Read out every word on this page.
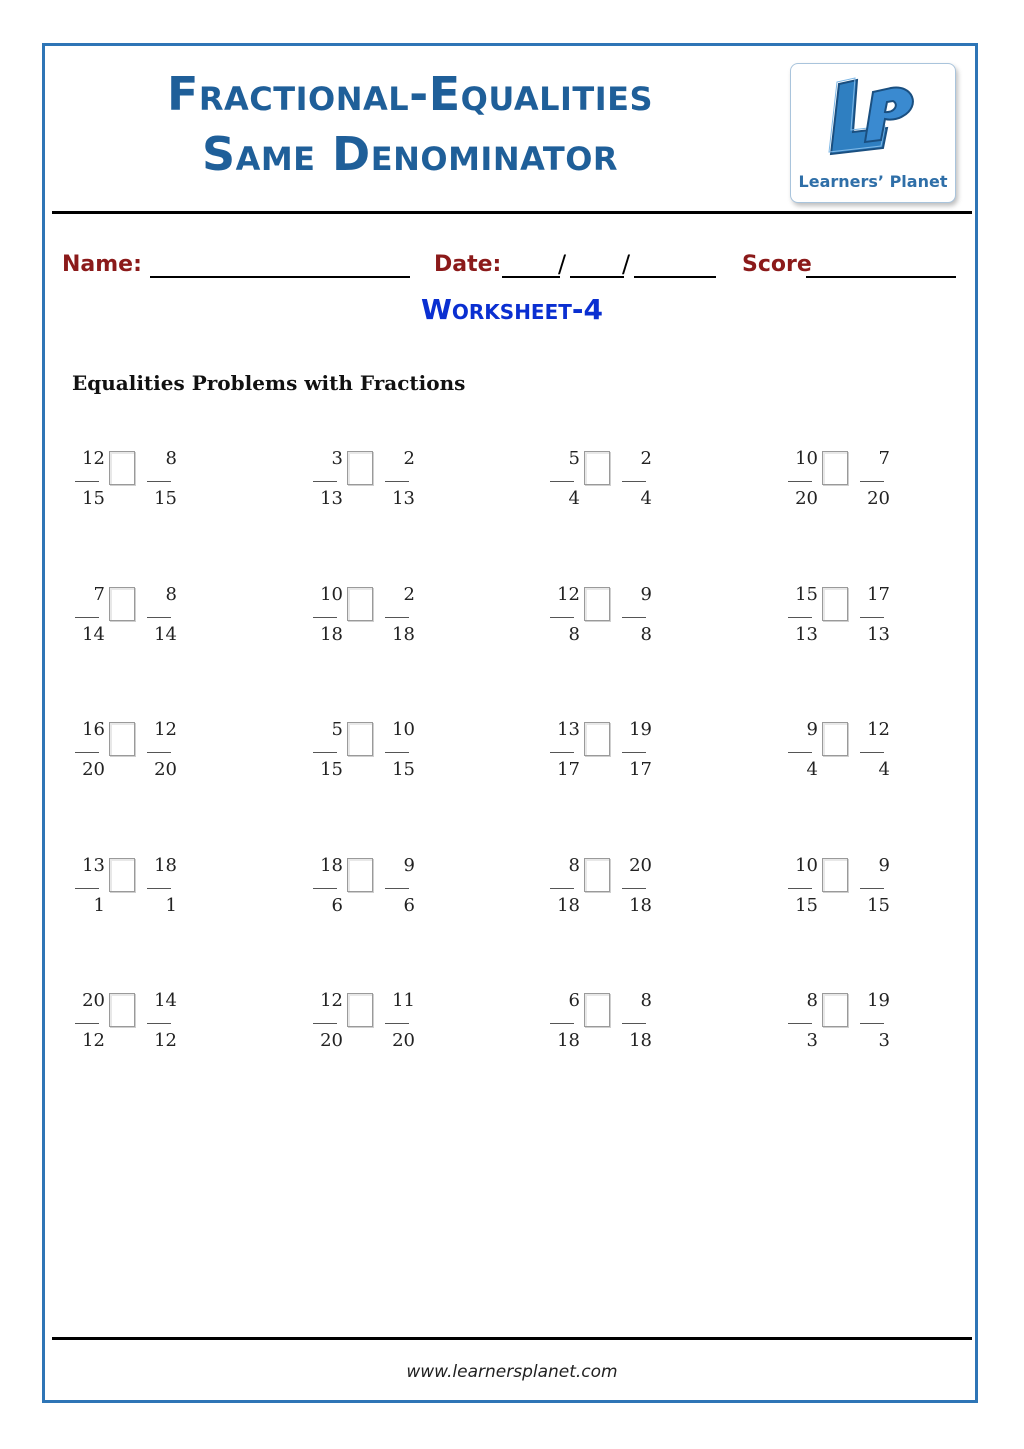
Fractional-Equalities
Same Denominator
Learners’ Planet
Name:	Date: / /	Score
Worksheet-4
Equalities Problems with Fractions
12
15
8
15
3
13
2
13
5
4
2
4
10
20
7
20
7
14
8
14
10
18
2
18
12
8
9
8
15
13
17
13
16
20
12
20
5
15
10
15
13
17
19
17
9
4
12
4
13
1
18
1
18
6
9
6
8
18
20
18
10
15
9
15
20
12
14
12
12
20
11
20
6
18
8
18
8
3
19
3
www.learnersplanet.com
